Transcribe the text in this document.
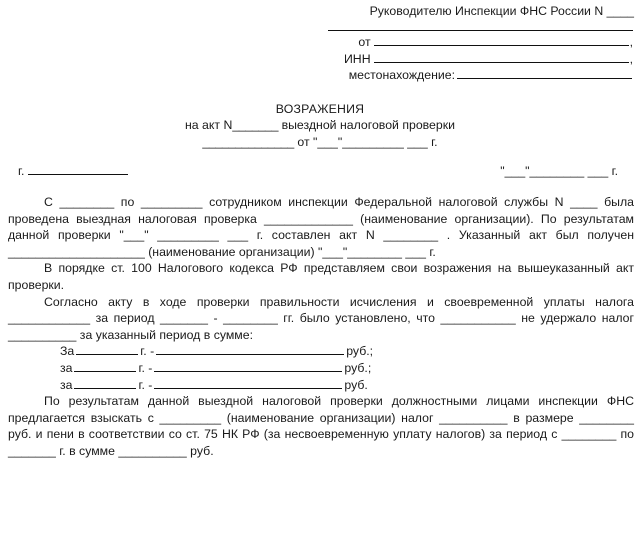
Руководителю Инспекции ФНС России N ____
от	,
ИНН	,
местонахождение:
ВОЗРАЖЕНИЯ
на акт N_______ выездной налоговой проверки
______________ от "___"_________ ___ г.
г.	"___"________ ___ г.

С ________ по _________ сотрудником инспекции Федеральной налоговой службы N ____ была проведена выездная налоговая проверка _____________ (наименование организации). По результатам данной проверки "___" _________ ___ г. составлен акт N ________ . Указанный акт был получен ____________________ (наименование организации) "___"________ ___ г.

В порядке ст. 100 Налогового кодекса РФ представляем свои возражения на вышеуказанный акт проверки.

Согласно акту в ходе проверки правильности исчисления и своевременной уплаты налога ____________ за период _______ - ________ гг. было установлено, что ___________ не удержало налог __________ за указанный период в сумме:

За	г. -	руб.;
за	г. -	руб.;
за	г. -	руб.

По результатам данной выездной налоговой проверки должностными лицами инспекции ФНС предлагается взыскать с _________ (наименование организации) налог __________ в размере ________ руб. и пени в соответствии со ст. 75 НК РФ (за несвоевременную уплату налогов) за период с ________ по _______ г. в сумме __________ руб.
